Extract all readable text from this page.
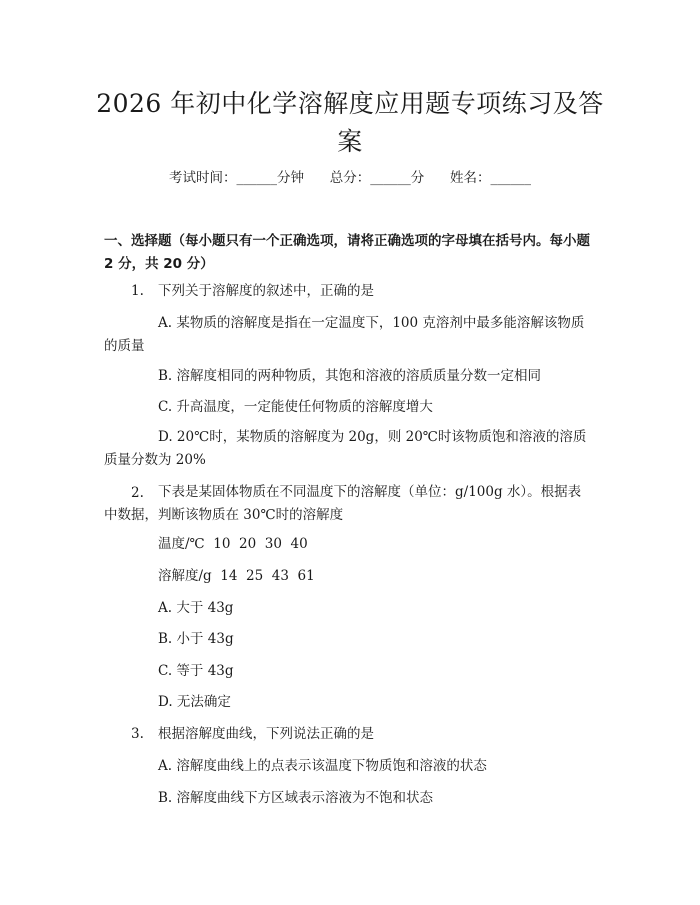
2026 年初中化学溶解度应用题专项练习及答
案
考试时间：______分钟      总分：______分      姓名：______
一、选择题（每小题只有一个正确选项，请将正确选项的字母填在括号内。每小题 2 分，共 20 分）
1. 下列关于溶解度的叙述中，正确的是
A. 某物质的溶解度是指在一定温度下，100 克溶剂中最多能溶解该物质的质量
B. 溶解度相同的两种物质，其饱和溶液的溶质质量分数一定相同
C. 升高温度，一定能使任何物质的溶解度增大
D. 20℃时，某物质的溶解度为 20g，则 20℃时该物质饱和溶液的溶质质量分数为 20%
2.	下表是某固体物质在不同温度下的溶解度（单位：g/100g 水）。根据表中数据，判断该物质在 30℃时的溶解度
温度/℃  10  20  30  40
溶解度/g  14  25  43  61
A. 大于 43g
B. 小于 43g
C. 等于 43g
D. 无法确定
3. 根据溶解度曲线，下列说法正确的是
A. 溶解度曲线上的点表示该温度下物质饱和溶液的状态
B. 溶解度曲线下方区域表示溶液为不饱和状态
